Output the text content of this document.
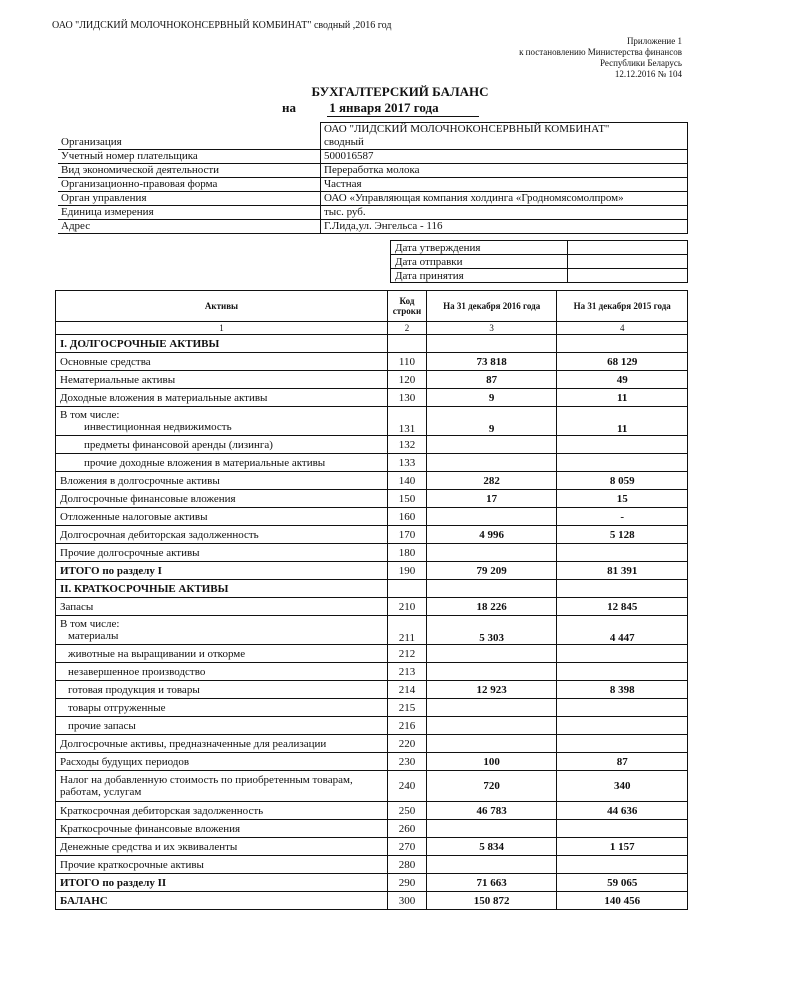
ОАО "ЛИДСКИЙ МОЛОЧНОКОНСЕРВНЫЙ КОМБИНАТ" сводный ,2016 год
Приложение 1
к постановлению Министерства финансов
Республики Беларусь
12.12.2016 № 104
БУХГАЛТЕРСКИЙ БАЛАНС
на	1 января 2017 года
Организация	ОАО "ЛИДСКИЙ МОЛОЧНОКОНСЕРВНЫЙ КОМБИНАТ"
сводный

Учетный номер плательщика	500016587

Вид экономической деятельности	Переработка молока

Организационно-правовая форма	Частная

Орган управления	ОАО «Управляющая компания холдинга «Гродномясомолпром»

Единица измерения	тыс. руб.

Адрес	Г.Лида,ул. Энгельса - 116
Дата утверждения	
Дата отправки	
Дата принятия	
Активы	Код строки	На 31 декабря 2016 года	На 31 декабря 2015 года
1	2	3	4
I. ДОЛГОСРОЧНЫЕ АКТИВЫ			
Основные средства	110	73 818	68 129
Нематериальные активы	120	87	49
Доходные вложения в материальные активы	130	9	11

В том числе:
инвестиционная недвижимость	131	9	11
предметы финансовой аренды (лизинга)	132		
прочие доходные вложения в материальные активы	133		
Вложения в долгосрочные активы	140	282	8 059
Долгосрочные финансовые вложения	150	17	15
Отложенные налоговые активы	160		-
Долгосрочная дебиторская задолженность	170	4 996	5 128
Прочие долгосрочные активы	180		
ИТОГО по разделу I	190	79 209	81 391
II. КРАТКОСРОЧНЫЕ АКТИВЫ			
Запасы	210	18 226	12 845

В том числе:
материалы	211	5 303	4 447
животные на выращивании и откорме	212		
незавершенное производство	213		
готовая продукция и товары	214	12 923	8 398
товары отгруженные	215		
прочие запасы	216		
Долгосрочные активы, предназначенные для реализации	220		
Расходы будущих периодов	230	100	87

Налог на добавленную стоимость по приобретенным товарам, работам, услугам	240	720	340
Краткосрочная дебиторская задолженность	250	46 783	44 636
Краткосрочные финансовые вложения	260		
Денежные средства и их эквиваленты	270	5 834	1 157
Прочие краткосрочные активы	280		
ИТОГО по разделу II	290	71 663	59 065
БАЛАНС	300	150 872	140 456
